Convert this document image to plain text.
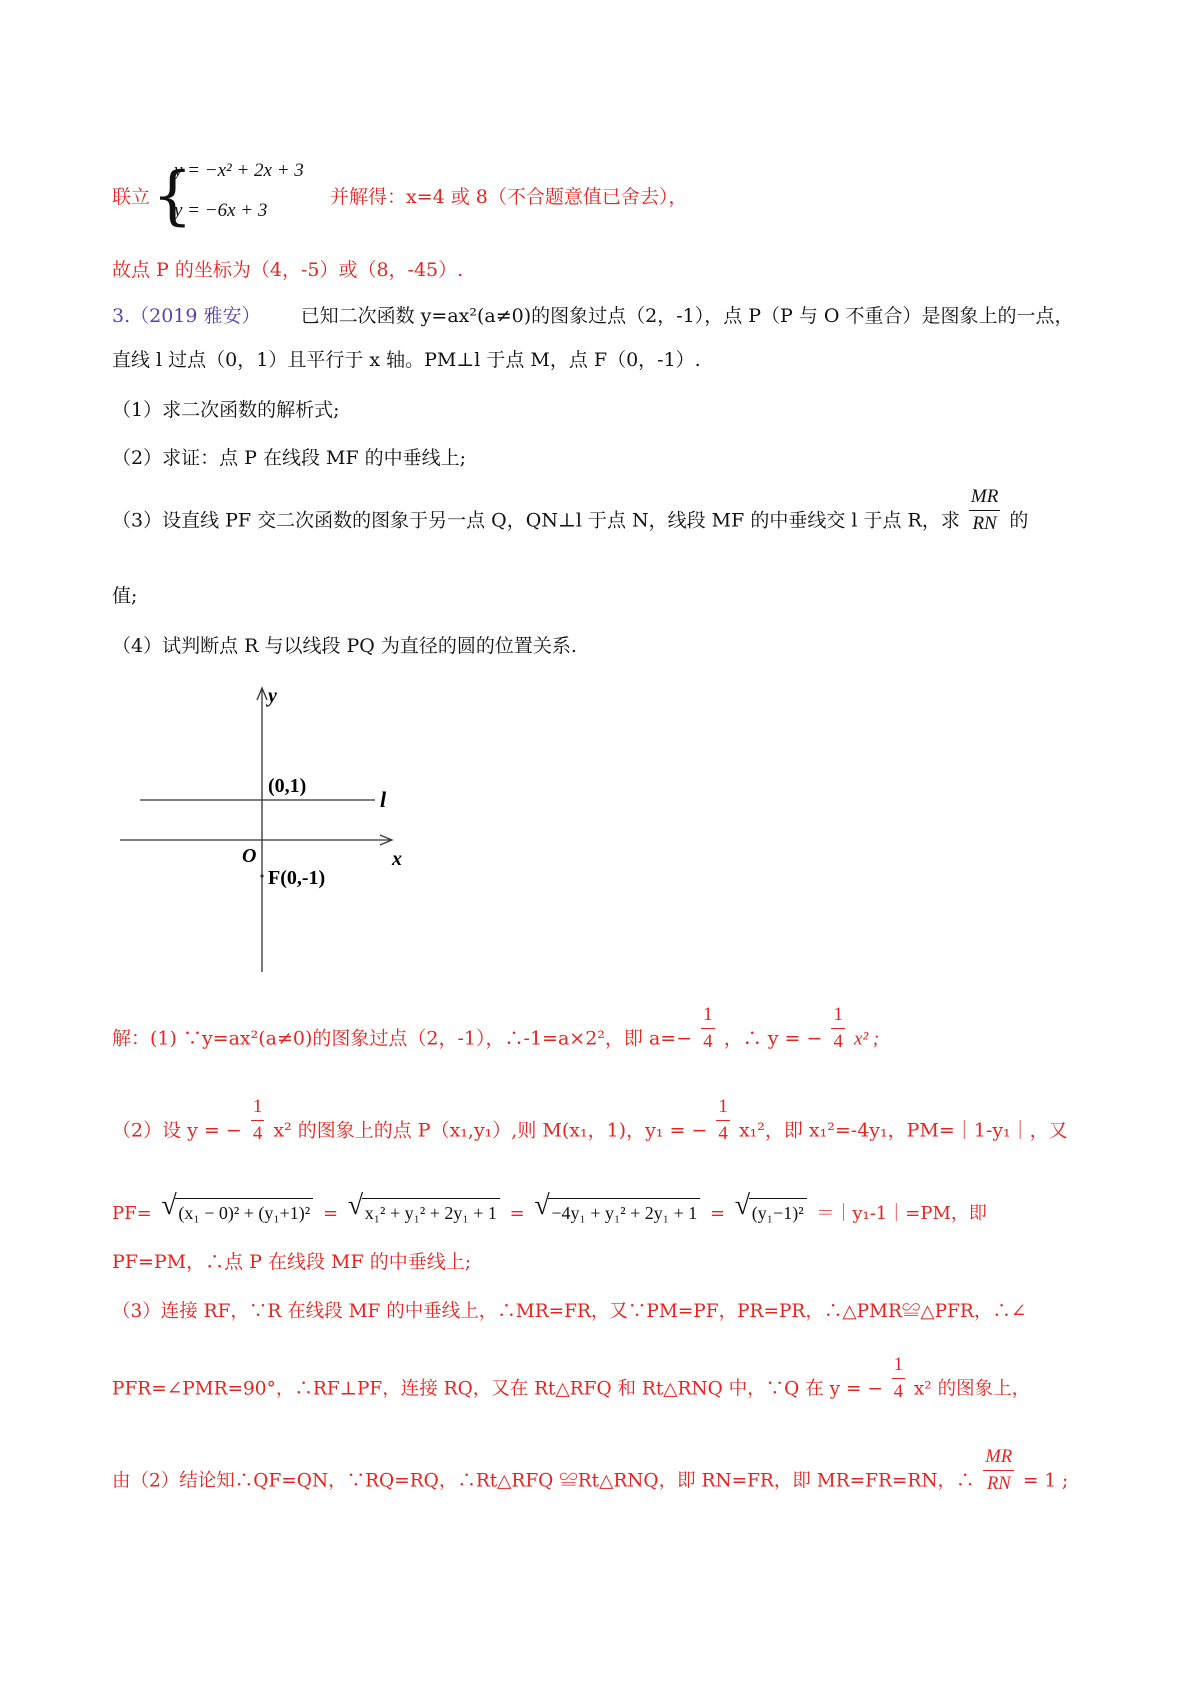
联立 {
y = −x² + 2x + 3
y = −6x + 3
并解得：x=4 或 8（不合题意值已舍去），
故点 P 的坐标为（4，-5）或（8，-45）.
3.（2019 雅安） 已知二次函数 y=ax²(a≠0)的图象过点（2，-1），点 P（P 与 O 不重合）是图象上的一点，
直线 l 过点（0，1）且平行于 x 轴。PM⊥l 于点 M，点 F（0，-1）.
（1）求二次函数的解析式;
（2）求证：点 P 在线段 MF 的中垂线上;
（3）设直线 PF 交二次函数的图象于另一点 Q，QN⊥l 于点 N，线段 MF 的中垂线交 l 于点 R，求 $\frac{MR}{RN}$ 的
值;
（4）试判断点 R 与以线段 PQ 为直径的圆的位置关系.
y
x
O
l
(0,1)
F(0,-1)
解：(1) ∵y=ax²(a≠0)的图象过点（2，-1），∴-1=a×2²，即 $a=- \frac{1}{4}$ ，∴ y = − $\frac{1}{4} x^2$ ;
（2）设 y = − $\frac{1}{4} x^2$ 的图象上的点 P（x₁,y₁）,则 M(x₁，1)，y₁ = − $\frac{1}{4} x_1^2$，即 x₁²=-4y₁，PM=｜1-y₁｜，又
PF= √ (x₁ − 0)² + (y₁+1)² = √ x₁² + y₁² + 2y₁ + 1 = √ −4y₁ + y₁² + 2y₁ + 1 = √ (y₁−1)² ＝｜y₁-1｜=PM，即
PF=PM，∴点 P 在线段 MF 的中垂线上;
（3）连接 RF，∵R 在线段 MF 的中垂线上，∴MR=FR，又∵PM=PF，PR=PR，∴△PMR≌△PFR，∴∠
PFR=∠PMR=90°，∴RF⊥PF，连接 RQ，又在 Rt△RFQ 和 Rt△RNQ 中，∵Q 在 y = − $\frac{1}{4} x^2$ 的图象上，
由（2）结论知∴QF=QN，∵RQ=RQ，∴Rt△RFQ ≌Rt△RNQ，即 RN=FR，即 MR=FR=RN，∴ $\frac{MR}{RN} = 1$ ;
